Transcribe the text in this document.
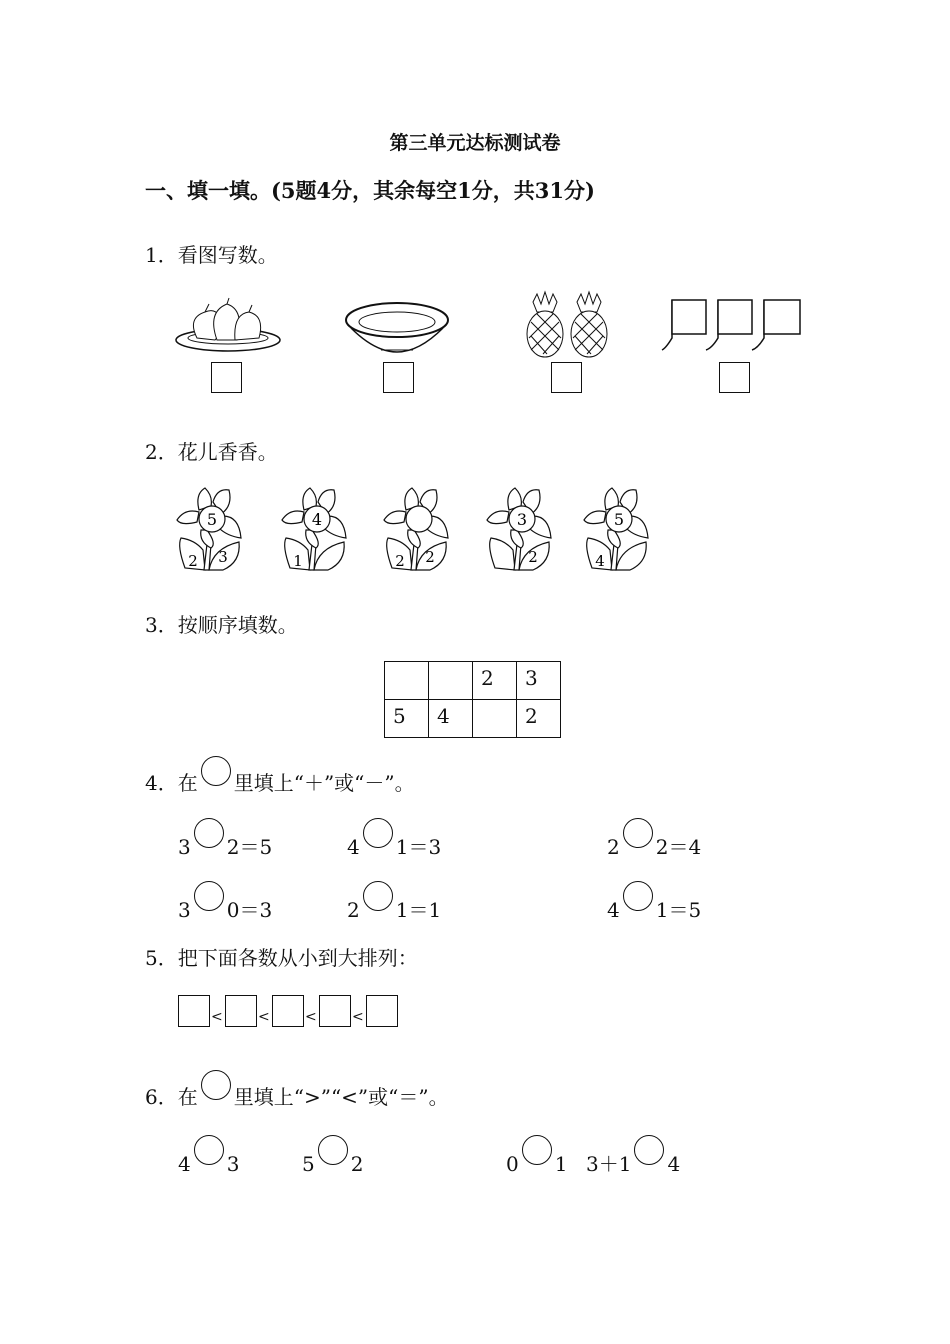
第三单元达标测试卷
一、填一填。(5题4分，其余每空1分，共31分)
1．看图写数。
2．花儿香香。
3．按顺序填数。
		2	3
5	4		2
4．在 里填上“＋”或“－”。
5．把下面各数从小到大排列：
6．在 里填上“>”“<”或“＝”。
5
2 3
4
1	2 2
3
2
5
4
3 2＝5	4 1＝3	2 2＝4
3 0＝3	2 1＝1	4 1＝5
<	<	<	<
4 3	5 2	0 1 3＋1 4
